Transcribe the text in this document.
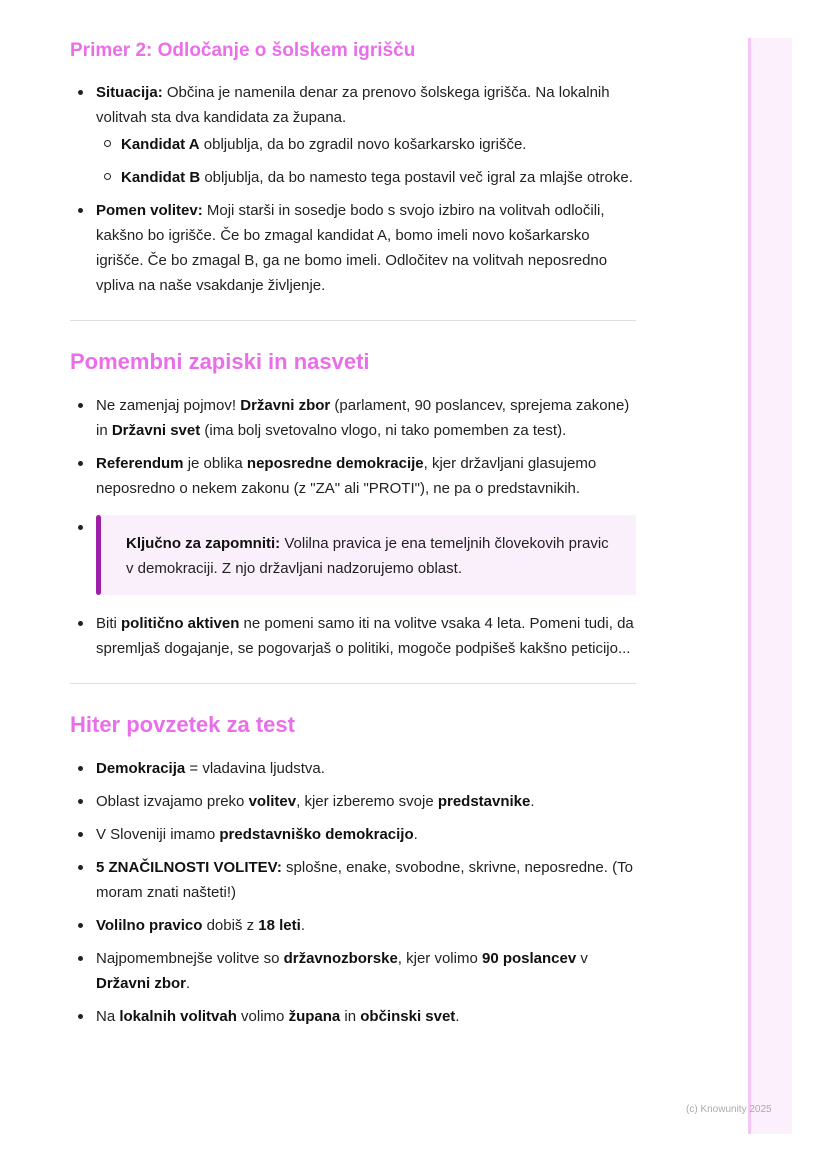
Primer 2: Odločanje o šolskem igrišču
Situacija: Občina je namenila denar za prenovo šolskega igrišča. Na lokalnih volitvah sta dva kandidata za župana.
Kandidat A obljublja, da bo zgradil novo košarkarsko igrišče.
Kandidat B obljublja, da bo namesto tega postavil več igral za mlajše otroke.
Pomen volitev: Moji starši in sosedje bodo s svojo izbiro na volitvah odločili, kakšno bo igrišče. Če bo zmagal kandidat A, bomo imeli novo košarkarsko igrišče. Če bo zmagal B, ga ne bomo imeli. Odločitev na volitvah neposredno vpliva na naše vsakdanje življenje.
Pomembni zapiski in nasveti
Ne zamenjaj pojmov! Državni zbor (parlament, 90 poslancev, sprejema zakone) in Državni svet (ima bolj svetovalno vlogo, ni tako pomemben za test).
Referendum je oblika neposredne demokracije, kjer državljani glasujemo neposredno o nekem zakonu (z "ZA" ali "PROTI"), ne pa o predstavnikih.
Ključno za zapomniti: Volilna pravica je ena temeljnih človekovih pravic v demokraciji. Z njo državljani nadzorujemo oblast.
Biti politično aktiven ne pomeni samo iti na volitve vsaka 4 leta. Pomeni tudi, da spremljaš dogajanje, se pogovarjaš o politiki, mogoče podpišeš kakšno peticijo...
Hiter povzetek za test
Demokracija = vladavina ljudstva.
Oblast izvajamo preko volitev, kjer izberemo svoje predstavnike.
V Sloveniji imamo predstavniško demokracijo.
5 ZNAČILNOSTI VOLITEV: splošne, enake, svobodne, skrivne, neposredne. (To moram znati našteti!)
Volilno pravico dobiš z 18 leti.
Najpomembnejše volitve so državnozborske, kjer volimo 90 poslancev v Državni zbor.
Na lokalnih volitvah volimo župana in občinski svet.
(c) Knowunity 2025
